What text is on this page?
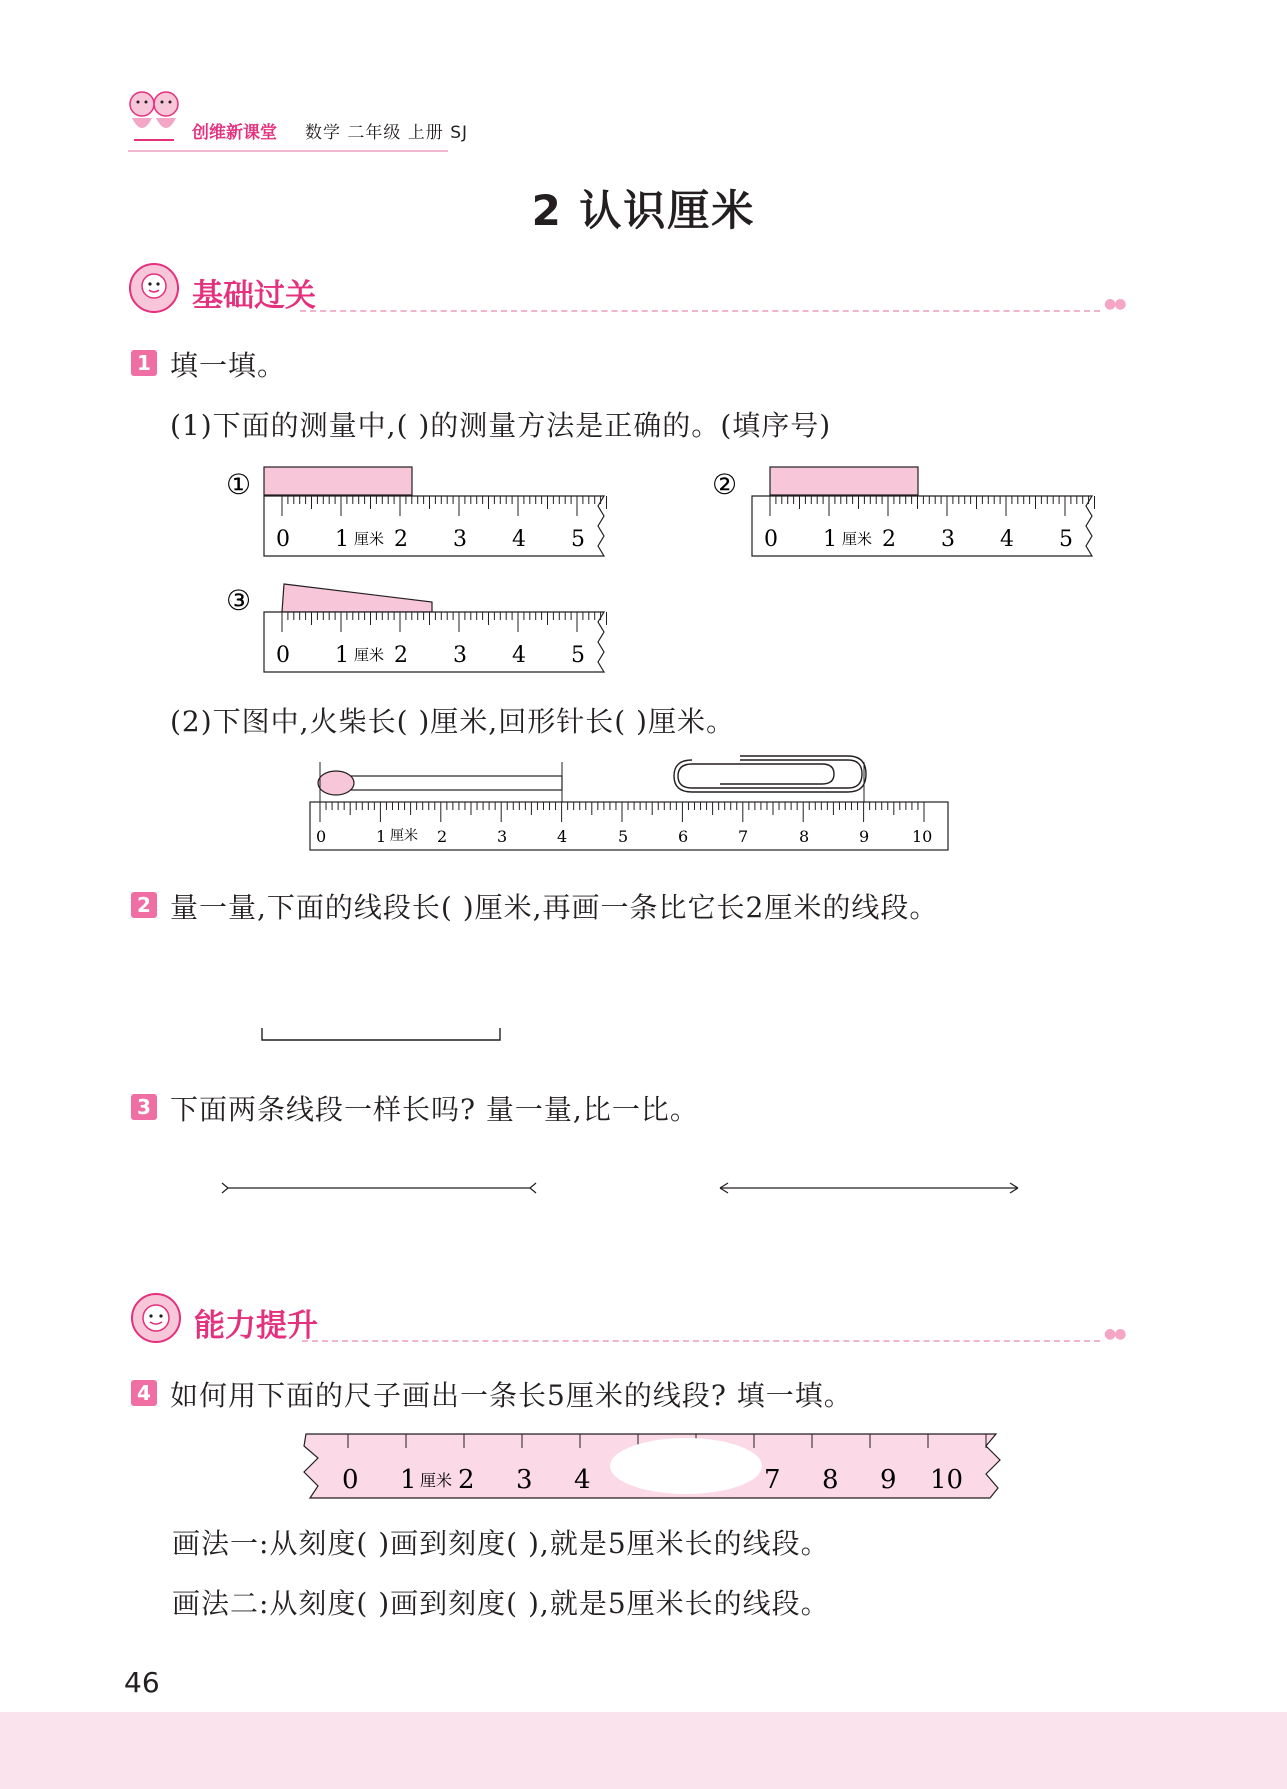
创维新课堂 数学 二年级 上册 SJ
2 认识厘米
基础过关	●●
1 填一填。
(1)下面的测量中,( )的测量方法是正确的。(填序号)
①
0 1 厘米 2 3 4 5
②
0 1 厘米 2 3 4 5
③
0 1 厘米 2 3 4 5
(2)下图中,火柴长( )厘米,回形针长( )厘米。
0	1 厘米 2	3	4	5	6	7	8	9	10
2 量一量,下面的线段长( )厘米,再画一条比它长2厘米的线段。
3 下面两条线段一样长吗? 量一量,比一比。
能力提升	●●
4 如何用下面的尺子画出一条长5厘米的线段? 填一填。
0 1 厘米 2 3 4	7 8 9 10
画法一:从刻度( )画到刻度( ),就是5厘米长的线段。
画法二:从刻度( )画到刻度( ),就是5厘米长的线段。
46
